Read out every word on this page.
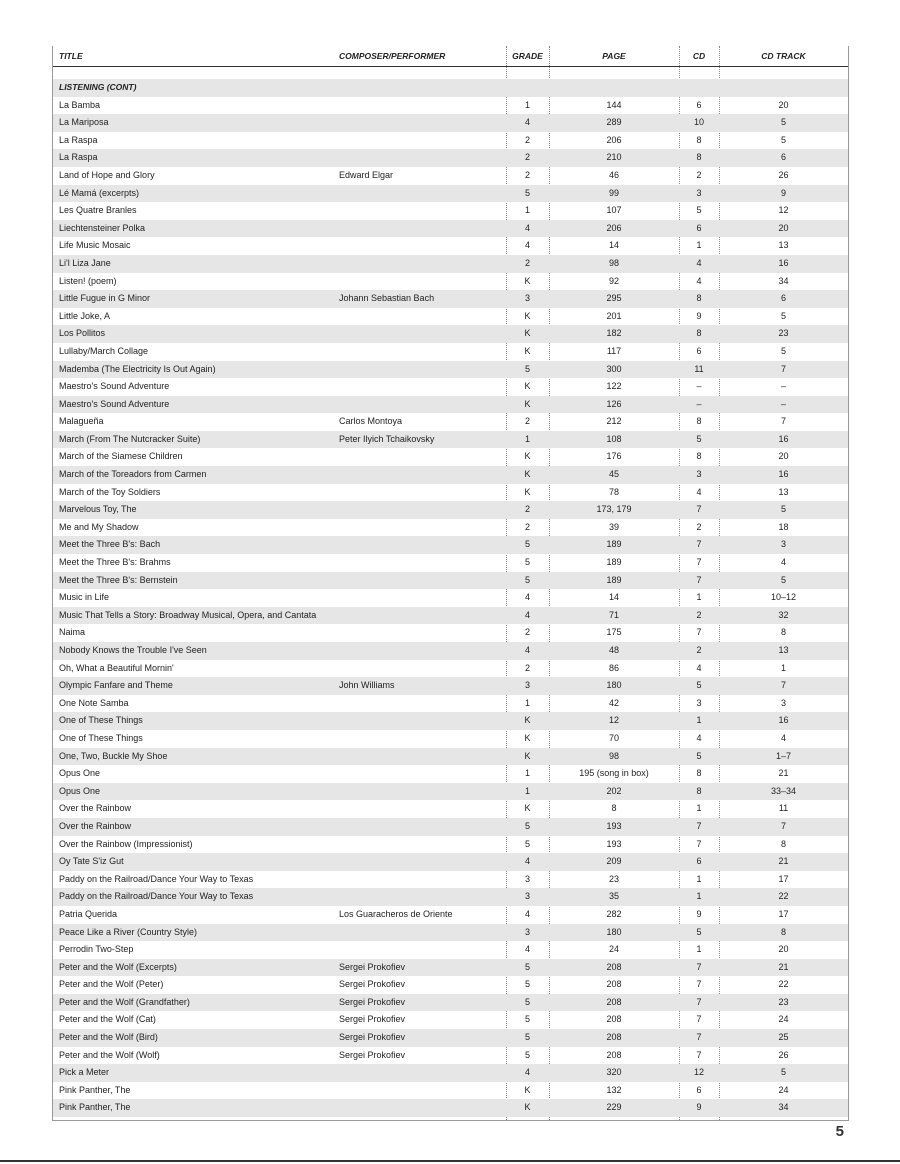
TITLE	COMPOSER/PERFORMER	GRADE	PAGE	CD	CD TRACK

LISTENING (CONT)					
La Bamba		1	144	6	20
La Mariposa		4	289	10	5
La Raspa		2	206	8	5
La Raspa		2	210	8	6
Land of Hope and Glory	Edward Elgar	2	46	2	26
Lé Mamá (excerpts)		5	99	3	9
Les Quatre Branles		1	107	5	12
Liechtensteiner Polka		4	206	6	20
Life Music Mosaic		4	14	1	13
Li'l Liza Jane		2	98	4	16
Listen! (poem)		K	92	4	34
Little Fugue in G Minor	Johann Sebastian Bach	3	295	8	6
Little Joke, A		K	201	9	5
Los Pollitos		K	182	8	23
Lullaby/March Collage		K	117	6	5
Mademba (The Electricity Is Out Again)		5	300	11	7
Maestro's Sound Adventure		K	122	–	–
Maestro's Sound Adventure		K	126	–	–
Malagueña	Carlos Montoya	2	212	8	7
March (From The Nutcracker Suite)	Peter Ilyich Tchaikovsky	1	108	5	16
March of the Siamese Children		K	176	8	20
March of the Toreadors from Carmen		K	45	3	16
March of the Toy Soldiers		K	78	4	13
Marvelous Toy, The		2	173, 179	7	5
Me and My Shadow		2	39	2	18
Meet the Three B's: Bach		5	189	7	3
Meet the Three B's: Brahms		5	189	7	4
Meet the Three B's: Bernstein		5	189	7	5
Music in Life		4	14	1	10–12
Music That Tells a Story: Broadway Musical, Opera, and Cantata		4	71	2	32
Naima		2	175	7	8
Nobody Knows the Trouble I've Seen		4	48	2	13
Oh, What a Beautiful Mornin'		2	86	4	1
Olympic Fanfare and Theme	John Williams	3	180	5	7
One Note Samba		1	42	3	3
One of These Things		K	12	1	16
One of These Things		K	70	4	4
One, Two, Buckle My Shoe		K	98	5	1–7
Opus One		1	195 (song in box)	8	21
Opus One		1	202	8	33–34
Over the Rainbow		K	8	1	11
Over the Rainbow		5	193	7	7
Over the Rainbow (Impressionist)		5	193	7	8
Oy Tate S'iz Gut		4	209	6	21
Paddy on the Railroad/Dance Your Way to Texas		3	23	1	17
Paddy on the Railroad/Dance Your Way to Texas		3	35	1	22
Patria Querida	Los Guaracheros de Oriente	4	282	9	17
Peace Like a River (Country Style)		3	180	5	8
Perrodin Two-Step		4	24	1	20
Peter and the Wolf (Excerpts)	Sergei Prokofiev	5	208	7	21
Peter and the Wolf (Peter)	Sergei Prokofiev	5	208	7	22
Peter and the Wolf (Grandfather)	Sergei Prokofiev	5	208	7	23
Peter and the Wolf (Cat)	Sergei Prokofiev	5	208	7	24
Peter and the Wolf (Bird)	Sergei Prokofiev	5	208	7	25
Peter and the Wolf (Wolf)	Sergei Prokofiev	5	208	7	26
Pick a Meter		4	320	12	5
Pink Panther, The		K	132	6	24
Pink Panther, The		K	229	9	34
5
